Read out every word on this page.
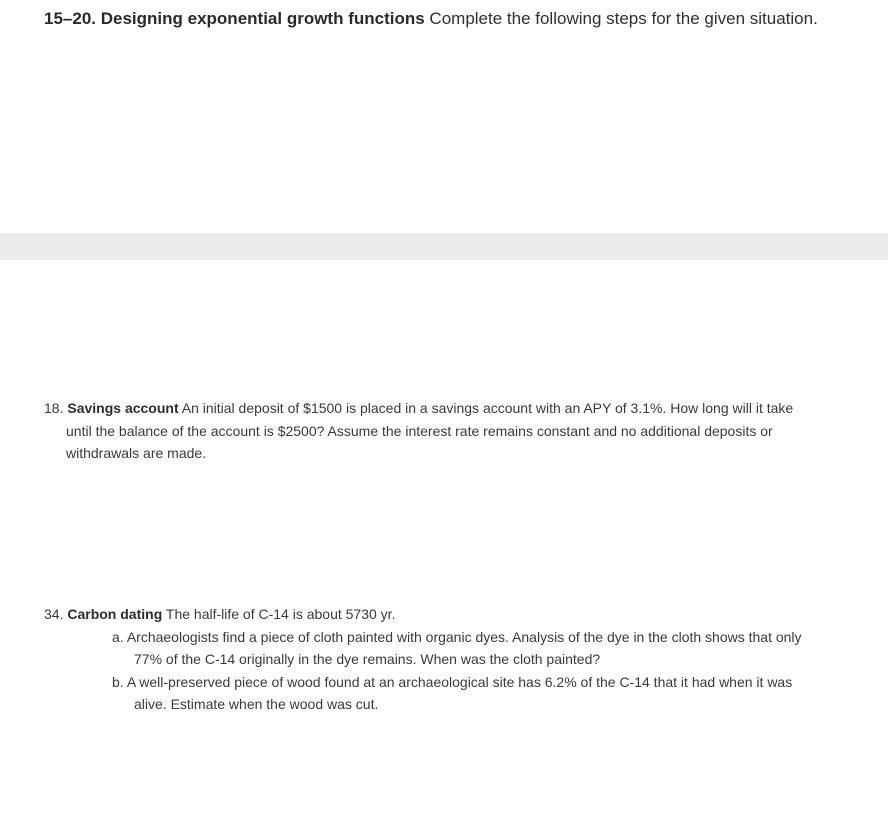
15–20. Designing exponential growth functions Complete the following steps for the given situation.
18. Savings account An initial deposit of $1500 is placed in a savings account with an APY of 3.1%. How long will it take
until the balance of the account is $2500? Assume the interest rate remains constant and no additional deposits or
withdrawals are made.
34. Carbon dating The half-life of C-14 is about 5730 yr.
a. Archaeologists find a piece of cloth painted with organic dyes. Analysis of the dye in the cloth shows that only
77% of the C-14 originally in the dye remains. When was the cloth painted?
b. A well-preserved piece of wood found at an archaeological site has 6.2% of the C-14 that it had when it was
alive. Estimate when the wood was cut.
